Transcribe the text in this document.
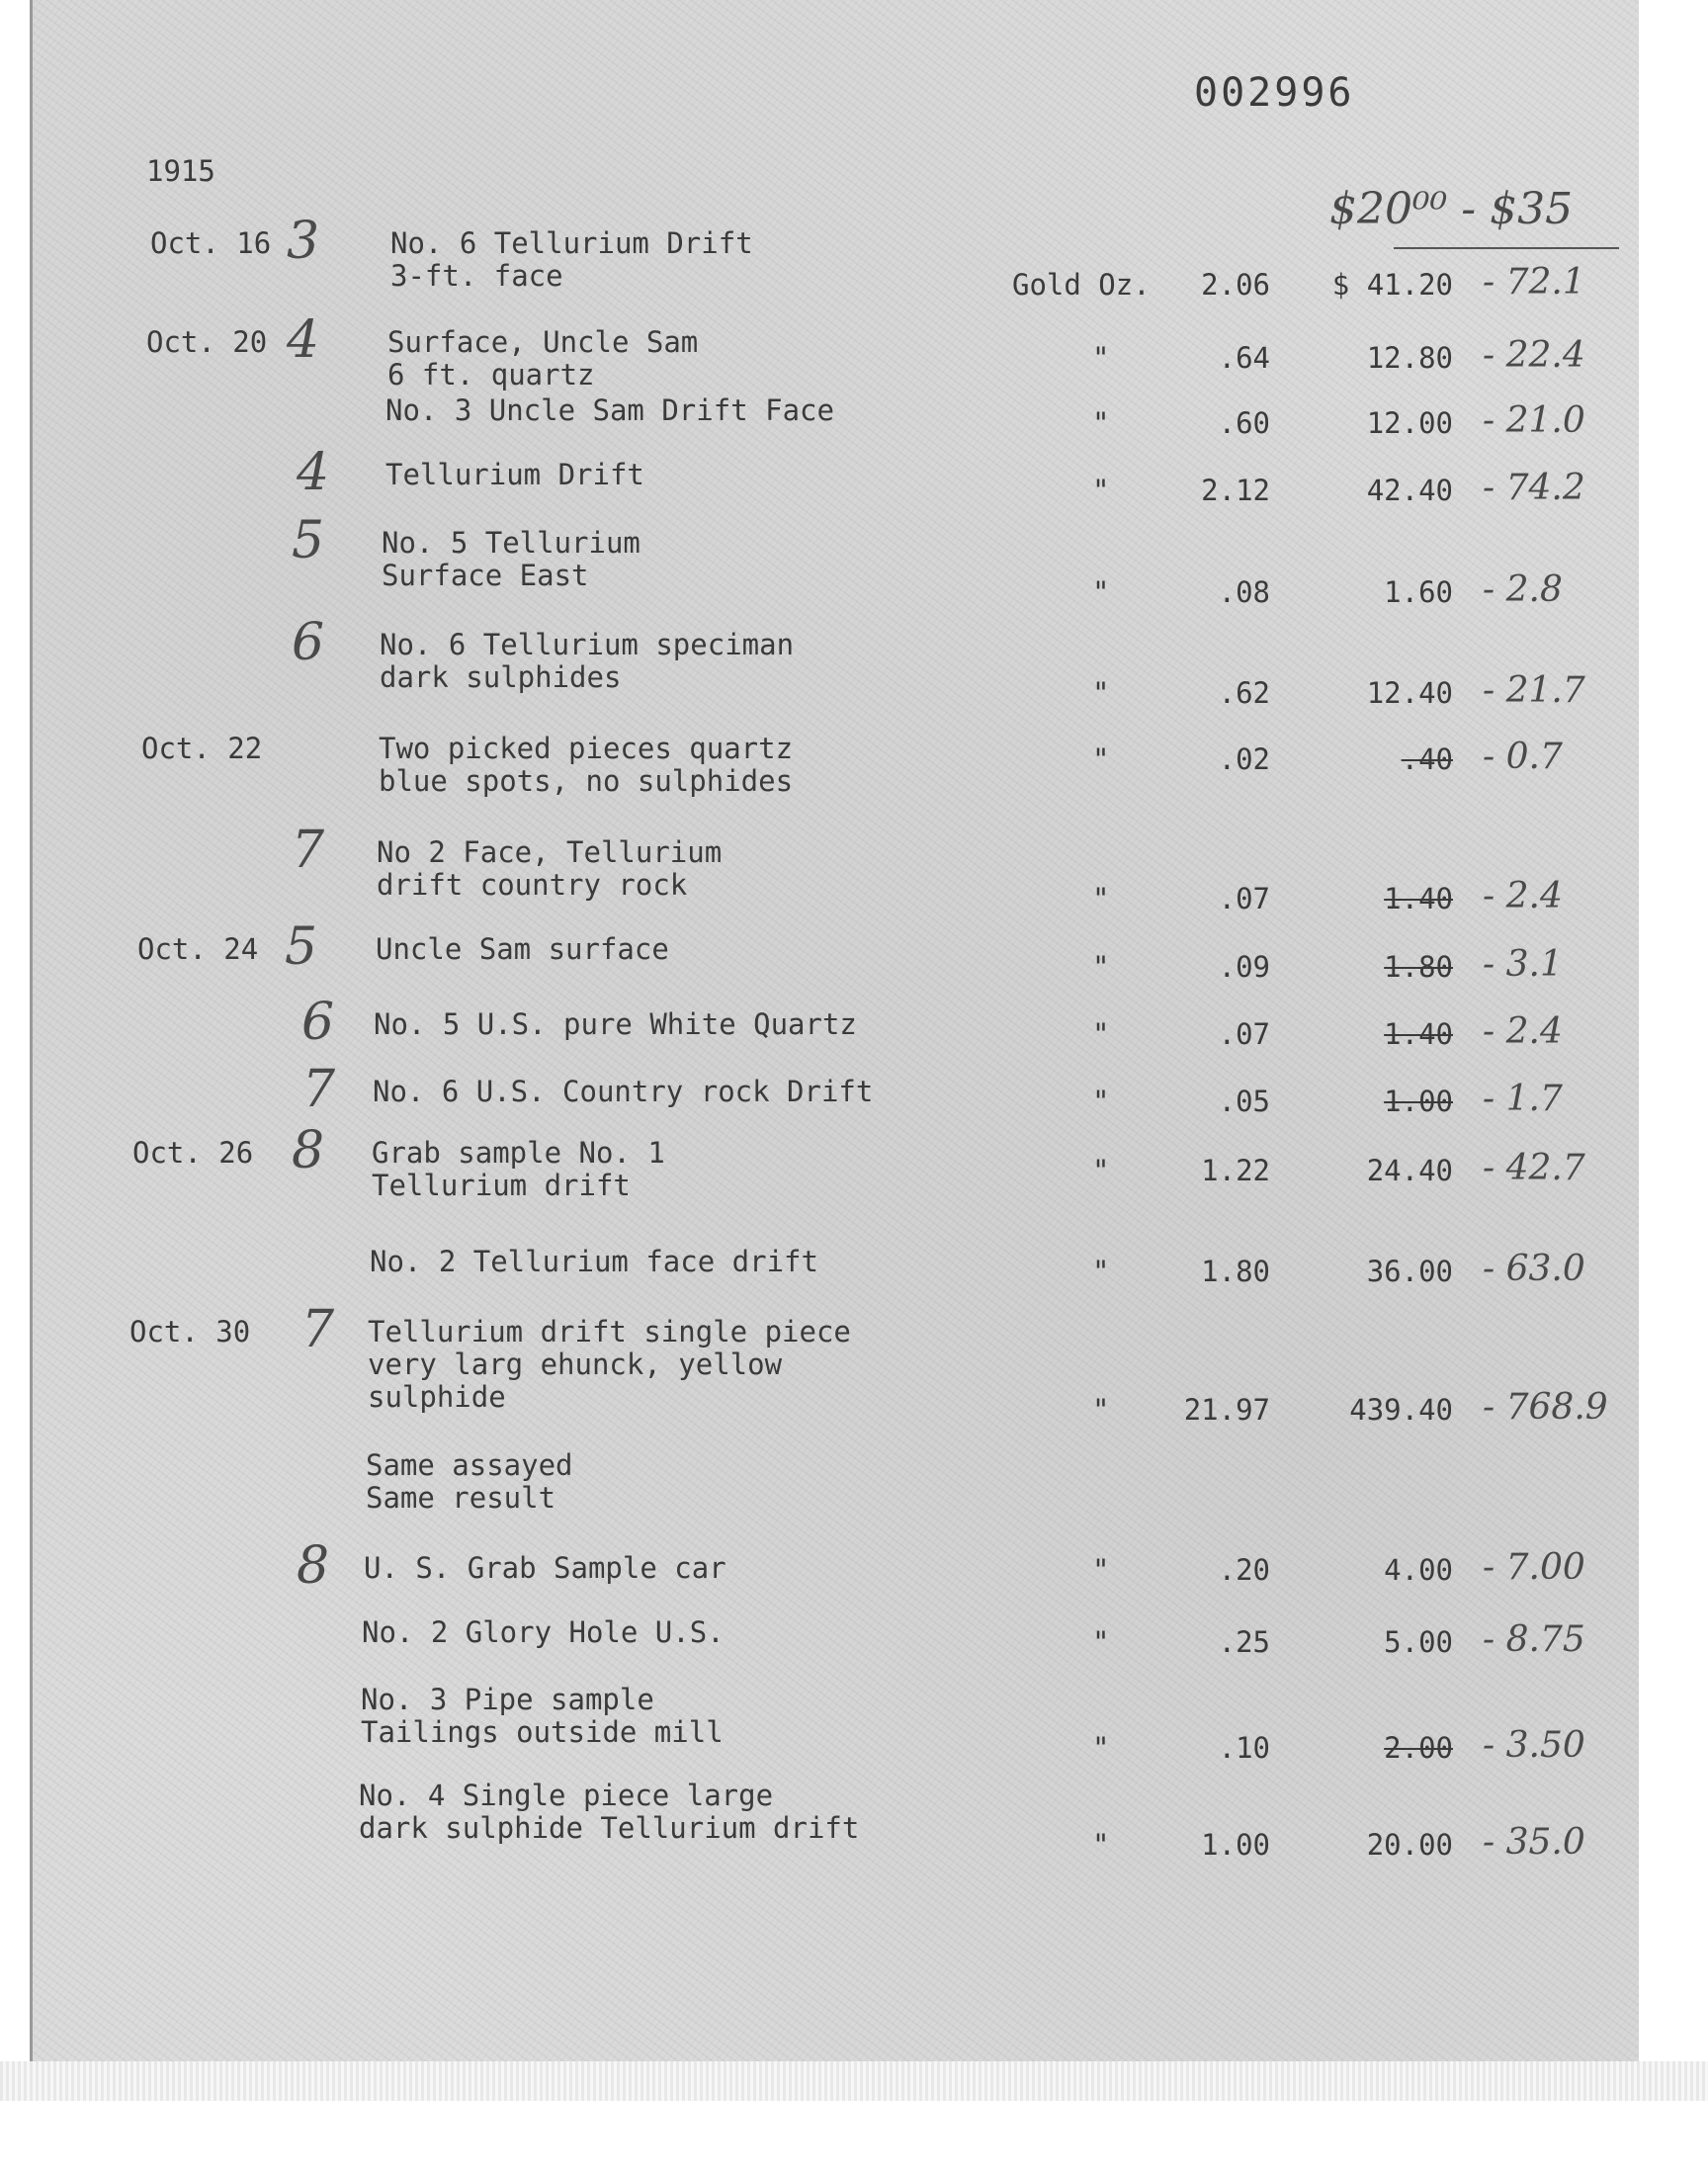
002996

1915

$20⁰⁰ - $35

Oct. 16 3 No. 6 Tellurium Drift

3-ft. face	Gold Oz.	2.06	$ 41.20 - 72.1

Oct. 20 4 Surface, Uncle Sam

6 ft. quartz	"	.64	12.80 - 22.4

No. 3 Uncle Sam Drift Face	"	.60	12.00 - 21.0

4 Tellurium Drift	"	2.12	42.40 - 74.2

5 No. 5 Tellurium

Surface East	"	.08	1.60 - 2.8

6 No. 6 Tellurium speciman

dark sulphides	"	.62	12.40 - 21.7

Oct. 22	Two picked pieces quartz

blue spots, no sulphides

"	.02	.40 - 0.7

7 No 2 Face, Tellurium

drift country rock	"	.07	1.40 - 2.4

Oct. 24 5 Uncle Sam surface

"	.09	1.80 - 3.1

6 No. 5 U.S. pure White Quartz	"	.07	1.40 - 2.4

7 No. 6 U.S. Country rock Drift	"	.05	1.00 - 1.7

Oct. 26 8 Grab sample No. 1

Tellurium drift	"	1.22	24.40 - 42.7

No. 2 Tellurium face drift	"	1.80	36.00 - 63.0

Oct. 30 7 Tellurium drift single piece

very larg ehunck, yellow

sulphide	"	21.97	439.40 - 768.9

Same assayed

Same result

8 U. S. Grab Sample car	"	.20	4.00 - 7.00

No. 2 Glory Hole U.S.	"	.25	5.00 - 8.75

No. 3 Pipe sample

Tailings outside mill	"	.10	2.00 - 3.50

No. 4 Single piece large

dark sulphide Tellurium drift	"	1.00	20.00 - 35.0
